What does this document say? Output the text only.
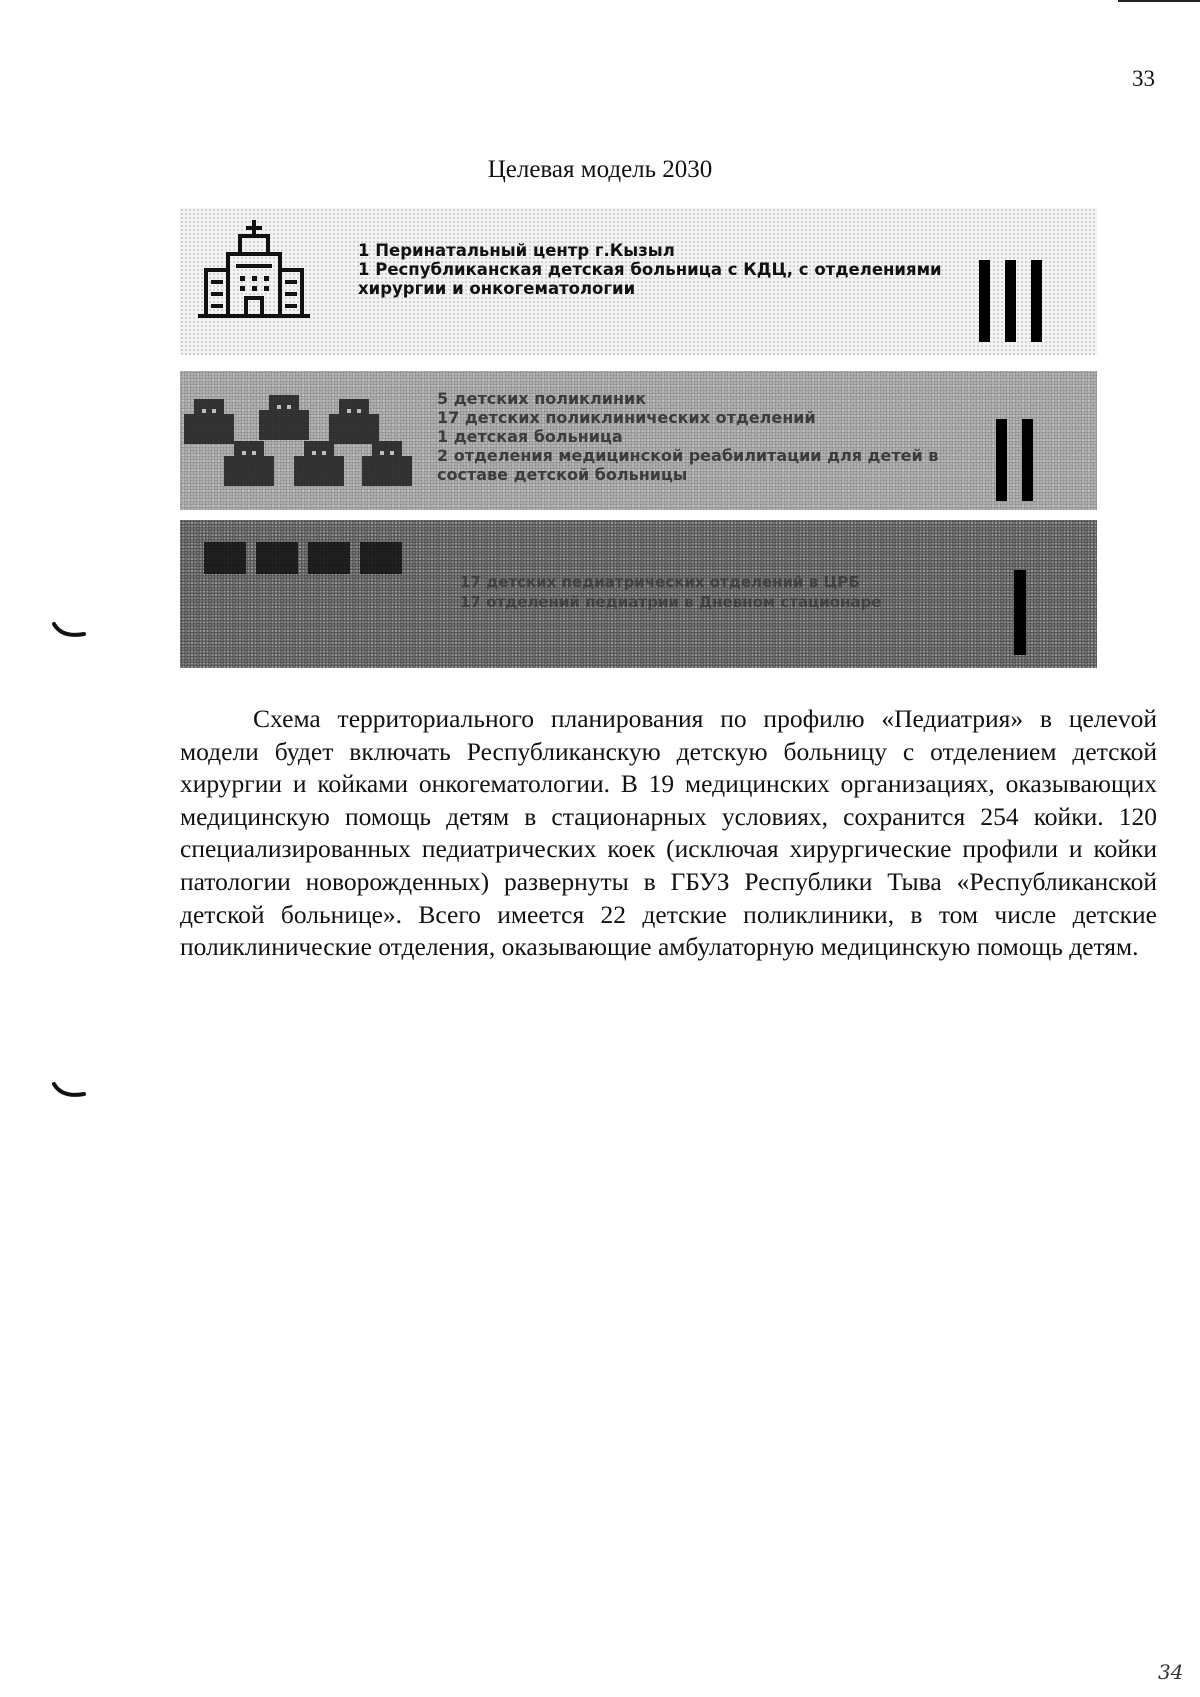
33
Целевая модель 2030
1 Перинатальный центр г.Кызыл
1 Республиканская детская больница с КДЦ, с отделениями
хирургии и онкогематологии
5 детских поликлиник
17 детских поликлинических отделений
1 детская больница
2 отделения медицинской реабилитации для детей в
составе детской больницы
17 детских педиатрических отделений в ЦРБ
17 отделений педиатрии в Дневном стационаре
Схема территориального планирования по профилю «Педиатрия» в целеvой модели будет включать Республиканскую детскую больницу с отделением детской хирургии и койками онкогематологии. В 19 медицинских организациях, оказывающих медицинскую помощь детям в стационарных условиях, сохранится 254 койки. 120 специализированных педиатрических коек (исключая хирургические профили и койки патологии новорожденных) развернуты в ГБУЗ Республики Тыва «Республиканской детской больнице». Всего имеется 22 детские поликлиники, в том числе детские поликлинические отделения, оказывающие амбулаторную медицинскую помощь детям.
34
